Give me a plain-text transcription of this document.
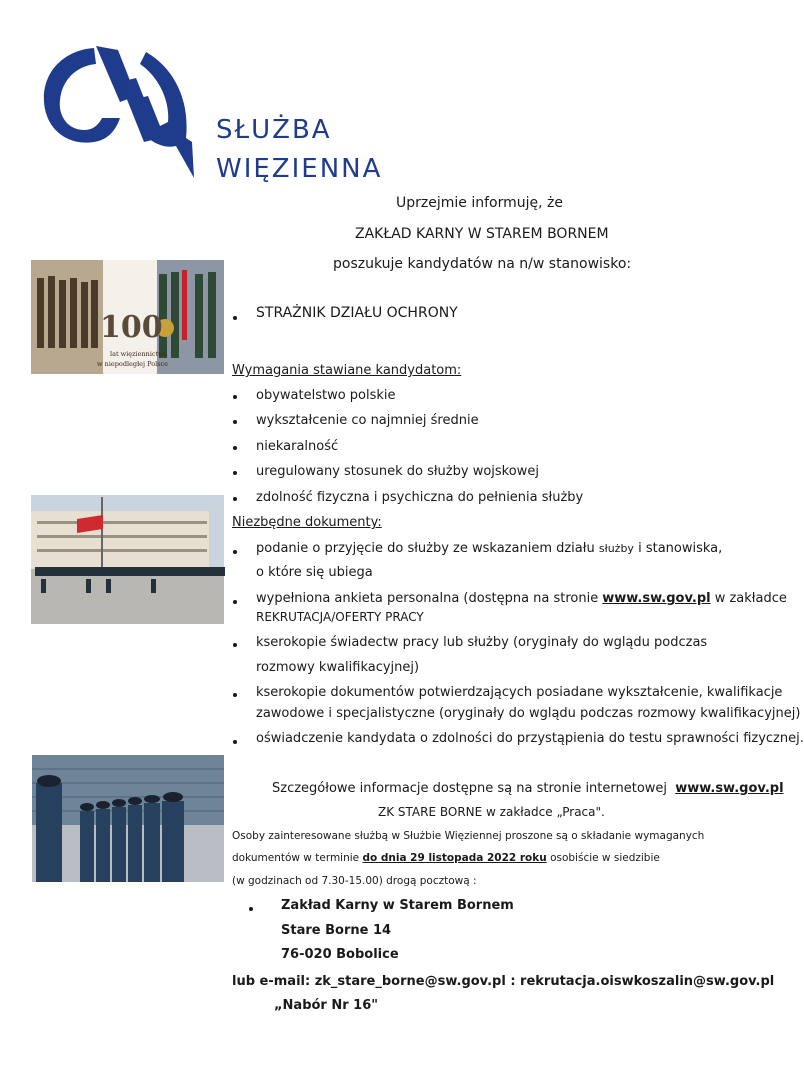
SŁUŻBA
WIĘZIENNA
Uprzejmie informuję, że
ZAKŁAD KARNY W STAREM BORNEM
poszukuje kandydatów na n/w stanowisko:
100
lat więziennictwa
w niepodległej Polsce
STRAŻNIK DZIAŁU OCHRONY
Wymagania stawiane kandydatom:
obywatelstwo polskie
wykształcenie co najmniej średnie
niekaralność
uregulowany stosunek do służby wojskowej
zdolność fizyczna i psychiczna do pełnienia służby
Niezbędne dokumenty:
podanie o przyjęcie do służby ze wskazaniem działu służby i stanowiska,
o które się ubiega
wypełniona ankieta personalna (dostępna na stronie www.sw.gov.pl w zakładce
REKRUTACJA/OFERTY PRACY
kserokopie świadectw pracy lub służby (oryginały do wglądu podczas
rozmowy kwalifikacyjnej)
kserokopie dokumentów potwierdzających posiadane wykształcenie, kwalifikacje
zawodowe i specjalistyczne (oryginały do wglądu podczas rozmowy kwalifikacyjnej)
oświadczenie kandydata o zdolności do przystąpienia do testu sprawności fizycznej.
Szczegółowe informacje dostępne są na stronie internetowej www.sw.gov.pl
ZK STARE BORNE w zakładce „Praca".
Osoby zainteresowane służbą w Służbie Więziennej proszone są o składanie wymaganych
dokumentów w terminie do dnia 29 listopada 2022 roku osobiście w siedzibie
(w godzinach od 7.30-15.00) drogą pocztową :
Zakład Karny w Starem Bornem
Stare Borne 14
76-020 Bobolice
lub e-mail: zk_stare_borne@sw.gov.pl : rekrutacja.oiswkoszalin@sw.gov.pl
„Nabór Nr 16"
